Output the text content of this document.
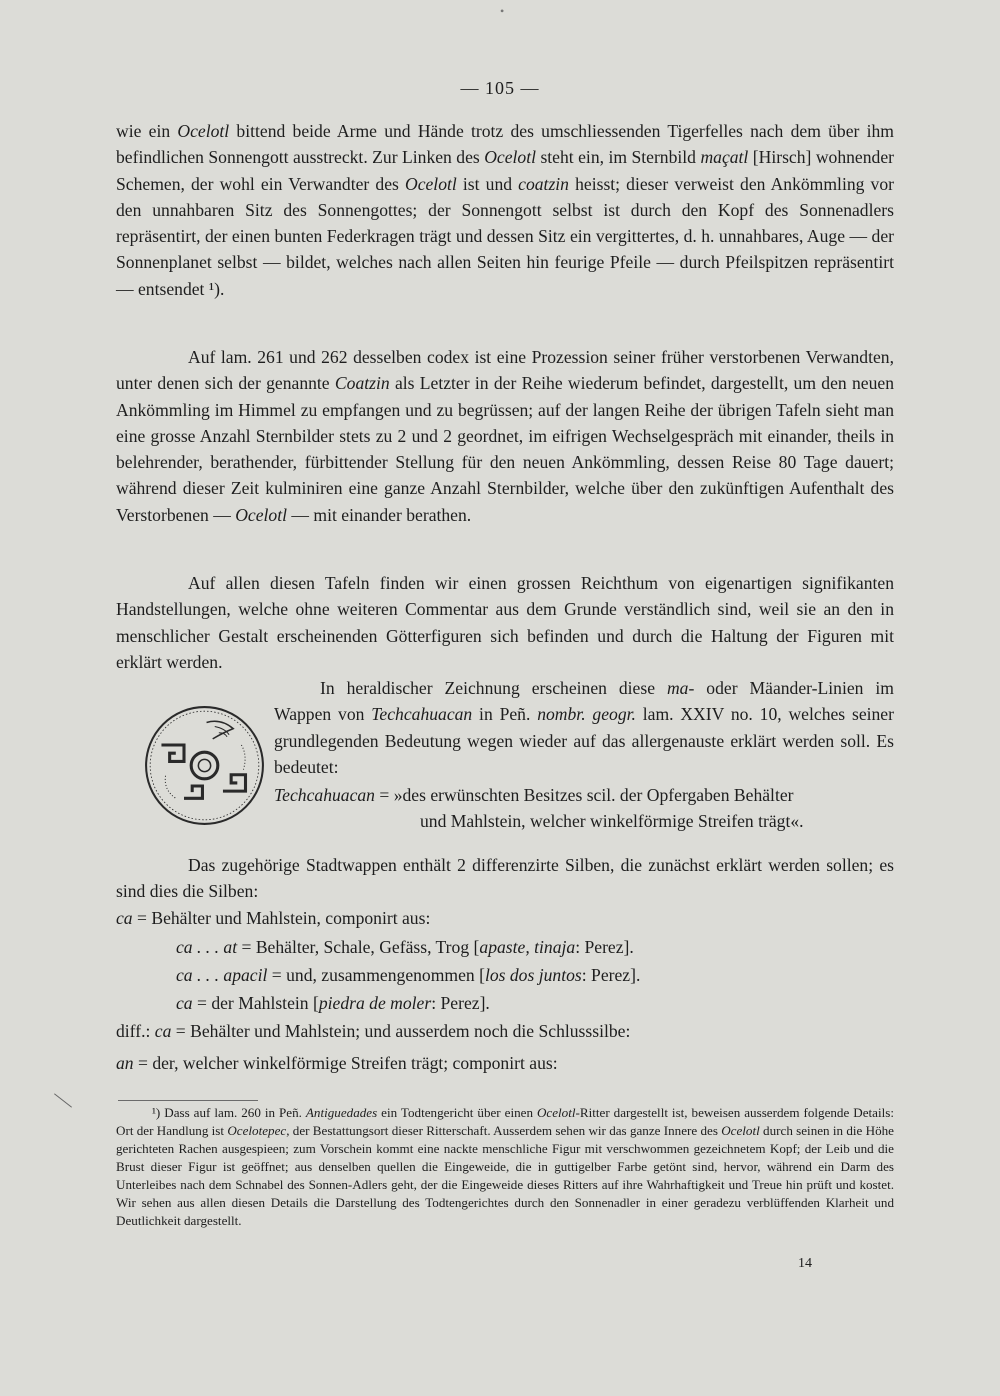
•
— 105 —

wie ein Ocelotl bittend beide Arme und Hände trotz des umschliessenden Tigerfelles nach dem über ihm befindlichen Sonnengott ausstreckt. Zur Linken des Ocelotl steht ein, im Sternbild maçatl [Hirsch] wohnender Schemen, der wohl ein Verwandter des Ocelotl ist und coatzin heisst; dieser verweist den Ankömmling vor den unnahbaren Sitz des Sonnengottes; der Sonnengott selbst ist durch den Kopf des Sonnenadlers repräsentirt, der einen bunten Federkragen trägt und dessen Sitz ein vergittertes, d. h. unnahbares, Auge — der Sonnenplanet selbst — bildet, welches nach allen Seiten hin feurige Pfeile — durch Pfeilspitzen repräsentirt — entsendet ¹).

Auf lam. 261 und 262 desselben codex ist eine Prozession seiner früher verstorbenen Verwandten, unter denen sich der genannte Coatzin als Letzter in der Reihe wiederum befindet, dargestellt, um den neuen Ankömmling im Himmel zu empfangen und zu begrüssen; auf der langen Reihe der übrigen Tafeln sieht man eine grosse Anzahl Sternbilder stets zu 2 und 2 geordnet, im eifrigen Wechselgespräch mit einander, theils in belehrender, berathender, fürbittender Stellung für den neuen Ankömmling, dessen Reise 80 Tage dauert; während dieser Zeit kulminiren eine ganze Anzahl Sternbilder, welche über den zukünftigen Aufenthalt des Verstorbenen — Ocelotl — mit einander berathen.

Auf allen diesen Tafeln finden wir einen grossen Reichthum von eigenartigen signifikanten Handstellungen, welche ohne weiteren Commentar aus dem Grunde verständlich sind, weil sie an den in menschlicher Gestalt erscheinenden Götterfiguren sich befinden und durch die Haltung der Figuren mit erklärt werden.

In heraldischer Zeichnung erscheinen diese ma- oder Mäander-Linien im Wappen von Techcahuacan in Peñ. nombr. geogr. lam. XXIV no. 10, welches seiner grundlegenden Bedeutung wegen wieder auf das allergenauste erklärt werden soll. Es bedeutet:

Techcahuacan = »des erwünschten Besitzes scil. der Opfergaben Behälter

und Mahlstein, welcher winkelförmige Streifen trägt«.

Das zugehörige Stadtwappen enthält 2 differenzirte Silben, die zunächst erklärt werden sollen; es sind dies die Silben:

ca = Behälter und Mahlstein, componirt aus:
ca . . . at = Behälter, Schale, Gefäss, Trog [apaste, tinaja: Perez].
ca . . . apacil = und, zusammengenommen [los dos juntos: Perez].
ca = der Mahlstein [piedra de moler: Perez].
diff.: ca = Behälter und Mahlstein; und ausserdem noch die Schlusssilbe:
an = der, welcher winkelförmige Streifen trägt; componirt aus:

¹) Dass auf lam. 260 in Peñ. Antiguedades ein Todtengericht über einen Ocelotl-Ritter dargestellt ist, beweisen ausserdem folgende Details: Ort der Handlung ist Ocelotepec, der Bestattungsort dieser Ritterschaft. Ausserdem sehen wir das ganze Innere des Ocelotl durch seinen in die Höhe gerichteten Rachen ausgespieen; zum Vorschein kommt eine nackte menschliche Figur mit verschwommen gezeichnetem Kopf; der Leib und die Brust dieser Figur ist geöffnet; aus denselben quellen die Eingeweide, die in guttigelber Farbe getönt sind, hervor, während ein Darm des Unterleibes nach dem Schnabel des Sonnen-Adlers geht, der die Eingeweide dieses Ritters auf ihre Wahrhaftigkeit und Treue hin prüft und kostet. Wir sehen aus allen diesen Details die Darstellung des Todtengerichtes durch den Sonnenadler in einer geradezu verblüffenden Klarheit und Deutlichkeit dargestellt.

14
